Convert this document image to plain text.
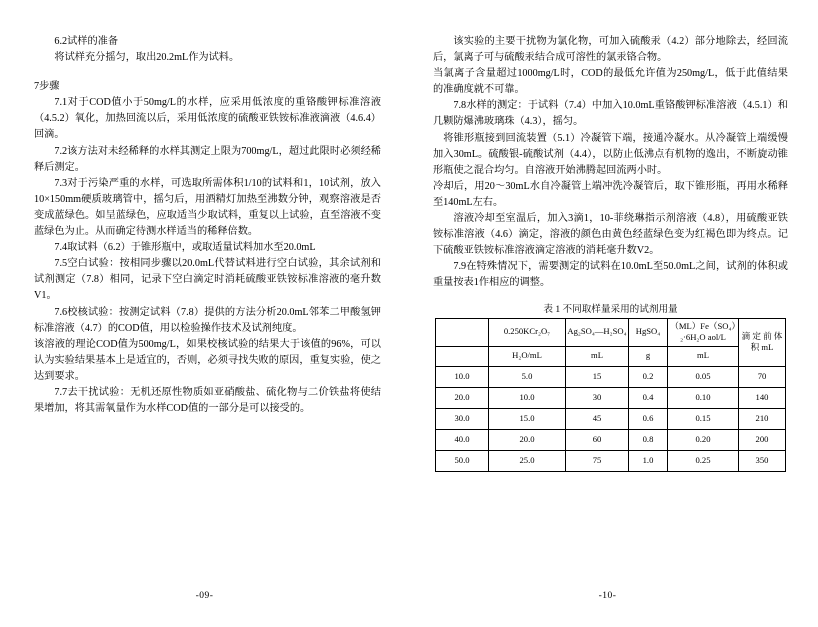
6.2试样的准备

将试样充分摇匀，取出20.2mL作为试料。

7步骤

7.1对于COD值小于50mg/L的水样，应采用低浓度的重铬酸钾标准溶液（4.5.2）氧化，加热回流以后，采用低浓度的硫酸亚铁铵标准液滴液（4.6.4）回滴。

7.2该方法对未经稀释的水样其测定上限为700mg/L，超过此限时必须经稀释后测定。

7.3对于污染严重的水样，可选取所需体积1/10的试料和1，10试剂，放入10×150mm硬质玻璃管中，摇匀后，用酒精灯加热至沸数分钟，观察溶液是否变成蓝绿色。如呈蓝绿色，应取适当少取试料，重复以上试验，直至溶液不变蓝绿色为止。从而确定待测水样适当的稀释倍数。

7.4取试料（6.2）于锥形瓶中，或取适量试料加水至20.0mL

7.5空白试验：按相同步骤以20.0mL代替试料进行空白试验，其余试剂和试剂测定（7.8）相同，记录下空白滴定时消耗硫酸亚铁铵标准溶液的毫升数V1。

7.6校核试验：按测定试料（7.8）提供的方法分析20.0mL邻苯二甲酸氢钾标准溶液（4.7）的COD值，用以检验操作技术及试剂纯度。

该溶液的理论COD值为500mg/L，如果校核试验的结果大于该值的96%，可以认为实验结果基本上是适宜的，否则，必须寻找失败的原因，重复实验，使之达到要求。

7.7去干扰试验：无机还原性物质如亚硝酸盐、硫化物与二价铁盐将使结果增加，将其需氧量作为水样COD值的一部分是可以接受的。

-09-

该实验的主要干扰物为氯化物，可加入硫酸汞（4.2）部分地除去，经回流后，氯离子可与硫酸汞结合成可溶性的氯汞铬合物。

当氯离子含量超过1000mg/L时，COD的最低允许值为250mg/L，低于此值结果的准确度就不可靠。

7.8水样的测定：于试料（7.4）中加入10.0mL重铬酸钾标准溶液（4.5.1）和几颗防爆沸玻璃珠（4.3），摇匀。

将锥形瓶接到回流装置（5.1）冷凝管下端，接通冷凝水。从冷凝管上端缓慢加入30mL。硫酸银-硫酸试剂（4.4），以防止低沸点有机物的逸出，不断旋动锥形瓶使之混合均匀。自溶液开始沸腾起回流两小时。

冷却后，用20～30mL水自冷凝管上端冲洗冷凝管后，取下锥形瓶，再用水稀释至140mL左右。

溶液冷却至室温后，加入3滴1，10-菲绕琳指示剂溶液（4.8），用硫酸亚铁铵标准溶液（4.6）滴定，溶液的颜色由黄色经蓝绿色变为红褐色即为终点。记下硫酸亚铁铵标准溶液滴定溶液的消耗毫升数V2。

7.9在特殊情况下，需要测定的试料在10.0mL至50.0mL之间，试剂的体积或重量按表1作相应的调整。

表 1 不同取样量采用的试剂用量
	0.250KCr₂O₇	Ag₂SO₄—H₂SO₄	HgSO₄	（ML）Fe（SO₄）₂·6H₂O aol/L	滴 定 前 体积 mL
	H₂O/mL	mL	g	mL	
10.0	5.0	15	0.2	0.05	70
20.0	10.0	30	0.4	0.10	140
30.0	15.0	45	0.6	0.15	210
40.0	20.0	60	0.8	0.20	200
50.0	25.0	75	1.0	0.25	350
-10-
